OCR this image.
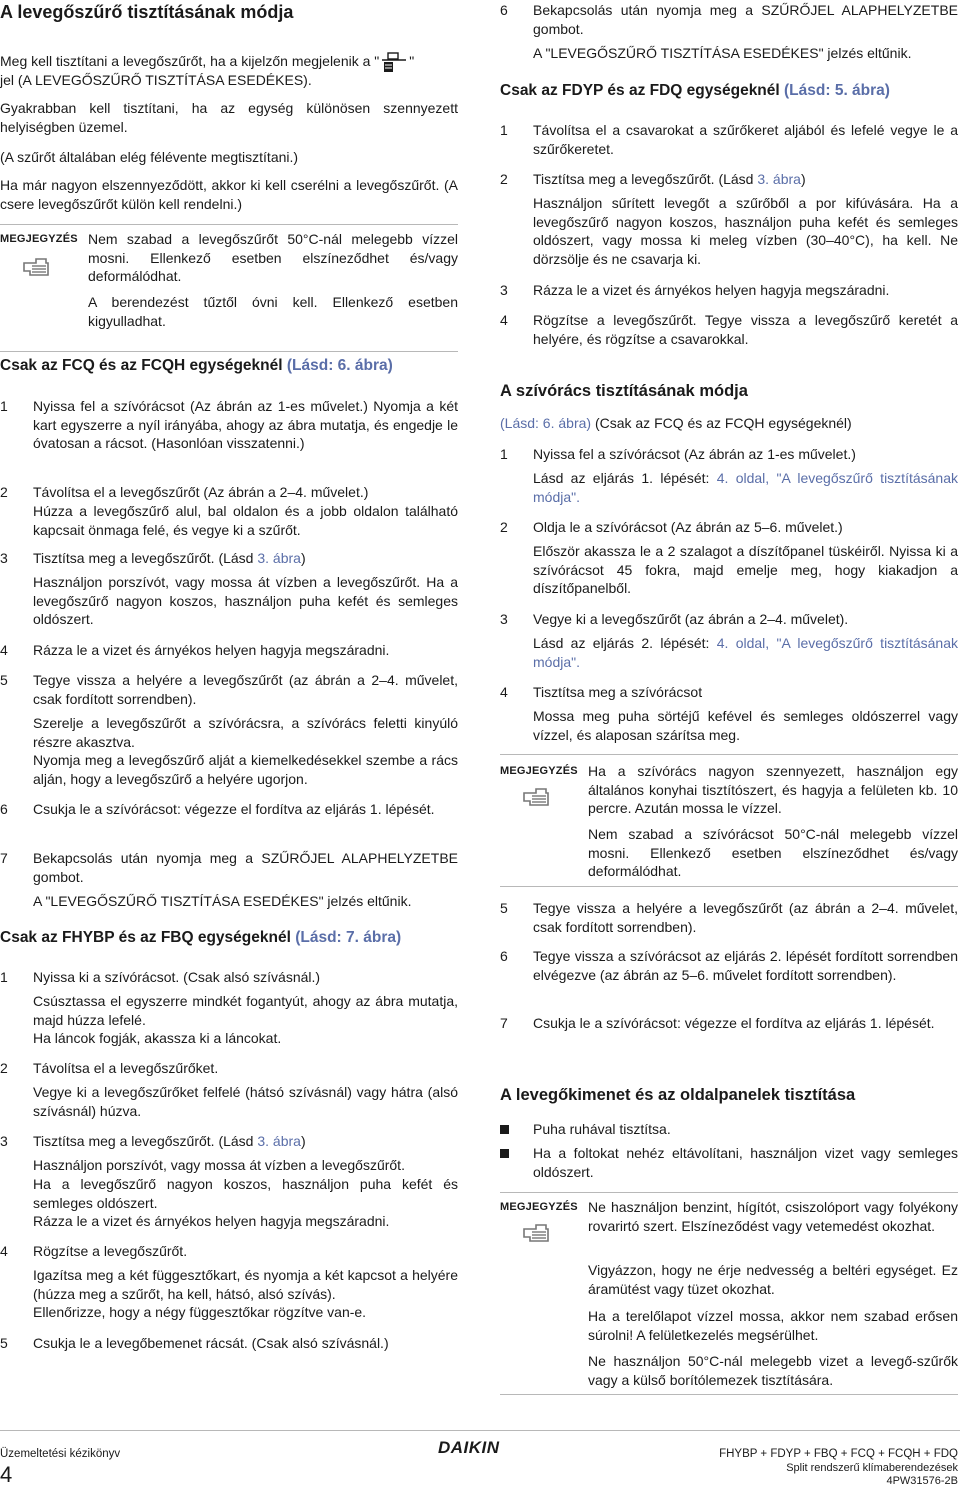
A levegőszűrő tisztításának módja
Meg kell tisztítani a levegőszűrőt, ha a kijelzőn megjelenik a " "
jel (A LEVEGŐSZŰRŐ TISZTÍTÁSA ESEDÉKES).

Gyakrabban kell tisztítani, ha az egység különösen szennyezett helyiségben üzemel.

(A szűrőt általában elég félévente megtisztítani.)

Ha már nagyon elszennyeződött, akkor ki kell cserélni a levegőszűrőt. (A csere levegőszűrőt külön kell rendelni.)

MEGJEGYZÉS Nem szabad a levegőszűrőt 50°C-nál melegebb vízzel mosni. Ellenkező esetben elszíneződhet és/vagy deformálódhat.

A berendezést tűztől óvni kell. Ellenkező esetben kigyulladhat.

Csak az FCQ és az FCQH egységeknél (Lásd: 6. ábra)
1 Nyissa fel a szívórácsot (Az ábrán az 1-es művelet.) Nyomja a két kart egyszerre a nyíl irányába, ahogy az ábra mutatja, és engedje le óvatosan a rácsot. (Hasonlóan visszatenni.)

2 Távolítsa el a levegőszűrőt (Az ábrán a 2–4. művelet.)

Húzza a levegőszűrő alul, bal oldalon és a jobb oldalon található kapcsait önmaga felé, és vegye ki a szűrőt.

3 Tisztítsa meg a levegőszűrőt. (Lásd 3. ábra)

Használjon porszívót, vagy mossa át vízben a levegőszűrőt. Ha a levegőszűrő nagyon koszos, használjon puha kefét és semleges oldószert.

4 Rázza le a vizet és árnyékos helyen hagyja megszáradni.

5 Tegye vissza a helyére a levegőszűrőt (az ábrán a 2–4. művelet, csak fordított sorrendben).

Szerelje a levegőszűrőt a szívórácsra, a szívórács feletti kinyúló részre akasztva.

Nyomja meg a levegőszűrő alját a kiemelkedésekkel szembe a rács alján, hogy a levegőszűrő a helyére ugorjon.

6 Csukja le a szívórácsot: végezze el fordítva az eljárás 1. lépését.

7 Bekapcsolás után nyomja meg a SZŰRŐJEL ALAPHELYZETBE gombot.

A "LEVEGŐSZŰRŐ TISZTÍTÁSA ESEDÉKES" jelzés eltűnik.

Csak az FHYBP és az FBQ egységeknél (Lásd: 7. ábra)
1 Nyissa ki a szívórácsot. (Csak alsó szívásnál.)

Csúsztassa el egyszerre mindkét fogantyút, ahogy az ábra mutatja, majd húzza lefelé.

Ha láncok fogják, akassza ki a láncokat.

2 Távolítsa el a levegőszűrőket.

Vegye ki a levegőszűrőket felfelé (hátsó szívásnál) vagy hátra (alsó szívásnál) húzva.

3 Tisztítsa meg a levegőszűrőt. (Lásd 3. ábra)

Használjon porszívót, vagy mossa át vízben a levegőszűrőt.

Ha a levegőszűrő nagyon koszos, használjon puha kefét és semleges oldószert.

Rázza le a vizet és árnyékos helyen hagyja megszáradni.

4 Rögzítse a levegőszűrőt.

Igazítsa meg a két függesztőkart, és nyomja a két kapcsot a helyére (húzza meg a szűrőt, ha kell, hátsó, alsó szívás).

Ellenőrizze, hogy a négy függesztőkar rögzítve van-e.

5 Csukja le a levegőbemenet rácsát. (Csak alsó szívásnál.)

6 Bekapcsolás után nyomja meg a SZŰRŐJEL ALAPHELYZETBE gombot.

A "LEVEGŐSZŰRŐ TISZTÍTÁSA ESEDÉKES" jelzés eltűnik.

Csak az FDYP és az FDQ egységeknél (Lásd: 5. ábra)
1 Távolítsa el a csavarokat a szűrőkeret aljából és lefelé vegye le a szűrőkeretet.

2 Tisztítsa meg a levegőszűrőt. (Lásd 3. ábra)

Használjon sűrített levegőt a szűrőből a por kifúvására. Ha a levegőszűrő nagyon koszos, használjon puha kefét és semleges oldószert, vagy mossa ki meleg vízben (30–40°C), ha kell. Ne dörzsölje és ne csavarja ki.

3 Rázza le a vizet és árnyékos helyen hagyja megszáradni.

4 Rögzítse a levegőszűrőt. Tegye vissza a levegőszűrő keretét a helyére, és rögzítse a csavarokkal.

A szívórács tisztításának módja

(Lásd: 6. ábra) (Csak az FCQ és az FCQH egységeknél)

1 Nyissa fel a szívórácsot (Az ábrán az 1-es művelet.)

Lásd az eljárás 1. lépését: 4. oldal, "A levegőszűrő tisztításának módja".

2 Oldja le a szívórácsot (Az ábrán az 5–6. művelet.)

Először akassza le a 2 szalagot a díszítőpanel tüskéiről. Nyissa ki a szívórácsot 45 fokra, majd emelje meg, hogy kiakadjon a díszítőpanelből.

3 Vegye ki a levegőszűrőt (az ábrán a 2–4. művelet).

Lásd az eljárás 2. lépését: 4. oldal, "A levegőszűrő tisztításának módja".

4 Tisztítsa meg a szívórácsot

Mossa meg puha sörtéjű kefével és semleges oldószerrel vagy vízzel, és alaposan szárítsa meg.

MEGJEGYZÉS Ha a szívórács nagyon szennyezett, használjon egy általános konyhai tisztítószert, és hagyja a felületen kb. 10 percre. Azután mossa le vízzel.

Nem szabad a szívórácsot 50°C-nál melegebb vízzel mosni. Ellenkező esetben elszíneződhet és/vagy deformálódhat.

5 Tegye vissza a helyére a levegőszűrőt (az ábrán a 2–4. művelet, csak fordított sorrendben).

6 Tegye vissza a szívórácsot az eljárás 2. lépését fordított sorrendben elvégezve (az ábrán az 5–6. művelet fordított sorrendben).

7 Csukja le a szívórácsot: végezze el fordítva az eljárás 1. lépését.

A levegőkimenet és az oldalpanelek tisztítása

Puha ruhával tisztítsa.

Ha a foltokat nehéz eltávolítani, használjon vizet vagy semleges oldószert.

MEGJEGYZÉS Ne használjon benzint, hígítót, csiszolóport vagy folyékony rovarirtó szert. Elszíneződést vagy vetemedést okozhat.

Vigyázzon, hogy ne érje nedvesség a beltéri egységet. Ez áramütést vagy tüzet okozhat.

Ha a terelőlapot vízzel mossa, akkor nem szabad erősen súrolni! A felületkezelés megsérülhet.

Ne használjon 50°C-nál melegebb vizet a levegő-szűrők vagy a külső borítólemezek tisztítására.

Üzemeltetési kézikönyv
4
DAIKIN	FHYBP + FDYP + FBQ + FCQ + FCQH + FDQ
Split rendszerű klímaberendezések
4PW31576-2B
